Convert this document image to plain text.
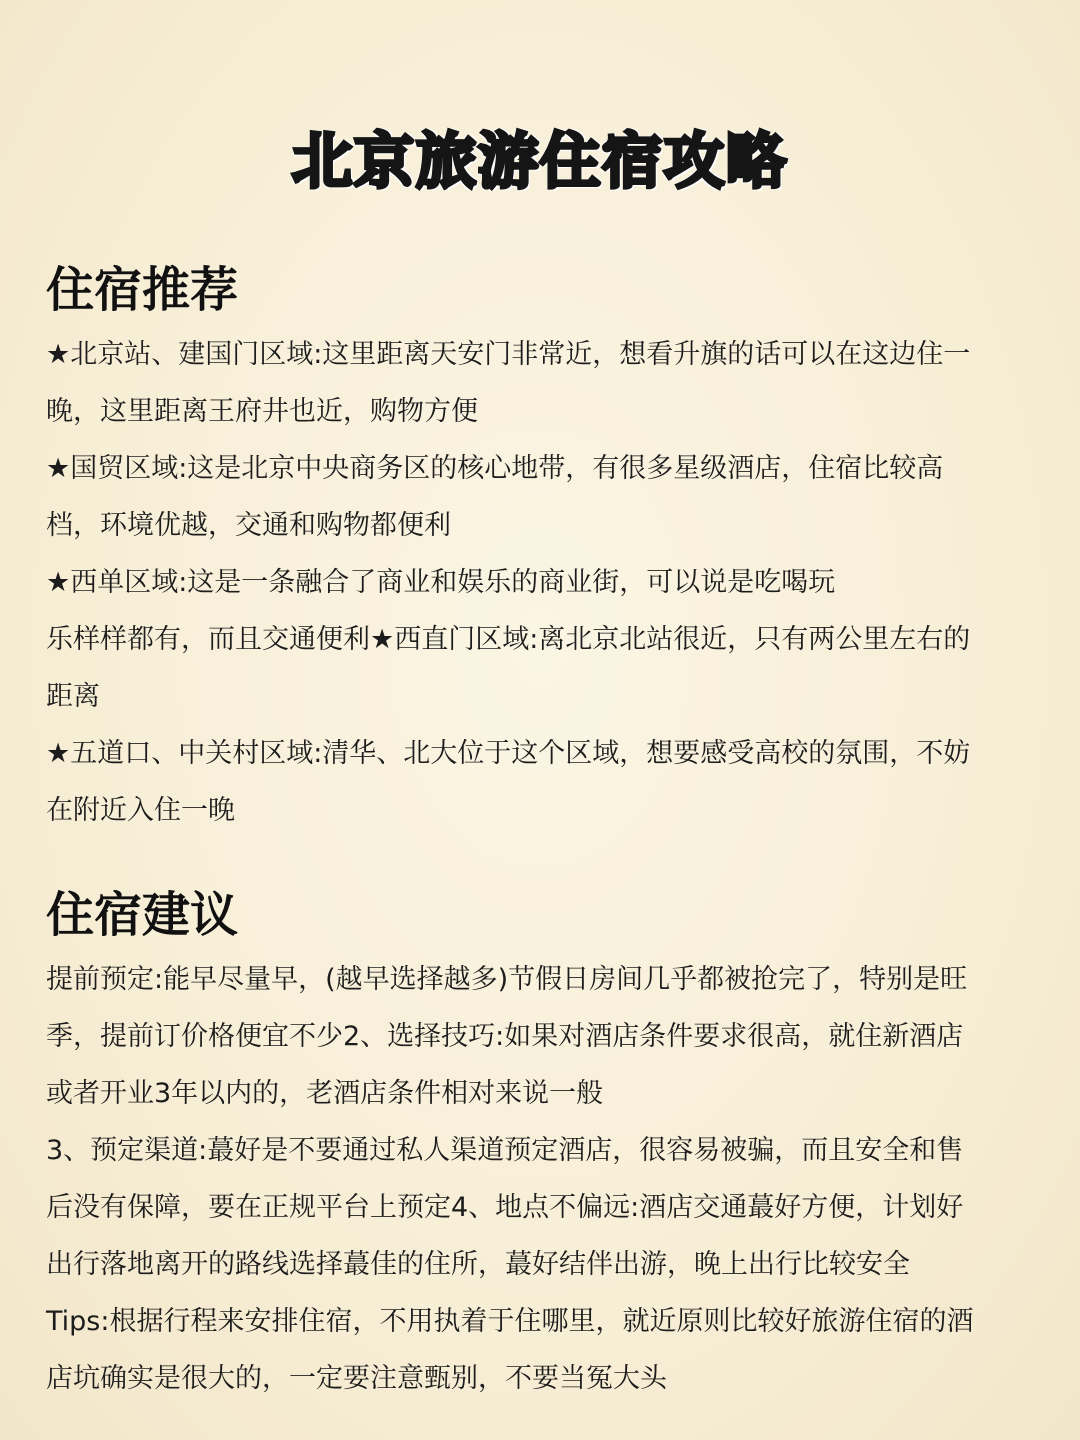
北京旅游住宿攻略
住宿推荐
★北京站、建国门区域:这里距离天安门非常近，想看升旗的话可以在这边住一
晚，这里距离王府井也近，购物方便
★国贸区域:这是北京中央商务区的核心地带，有很多星级酒店，住宿比较高
档，环境优越，交通和购物都便利
★西单区域:这是一条融合了商业和娱乐的商业街，可以说是吃喝玩
乐样样都有，而且交通便利★西直门区域:离北京北站很近，只有两公里左右的
距离
★五道口、中关村区域:清华、北大位于这个区域，想要感受高校的氛围，不妨
在附近入住一晚
住宿建议
提前预定:能早尽量早，(越早选择越多)节假日房间几乎都被抢完了，特别是旺
季，提前订价格便宜不少2、选择技巧:如果对酒店条件要求很高，就住新酒店
或者开业3年以内的，老酒店条件相对来说一般
3、预定渠道:蕞好是不要通过私人渠道预定酒店，很容易被骗，而且安全和售
后没有保障，要在正规平台上预定4、地点不偏远:酒店交通蕞好方便，计划好
出行落地离开的路线选择蕞佳的住所，蕞好结伴出游，晚上出行比较安全
Tips:根据行程来安排住宿，不用执着于住哪里，就近原则比较好旅游住宿的酒
店坑确实是很大的，一定要注意甄别，不要当冤大头
